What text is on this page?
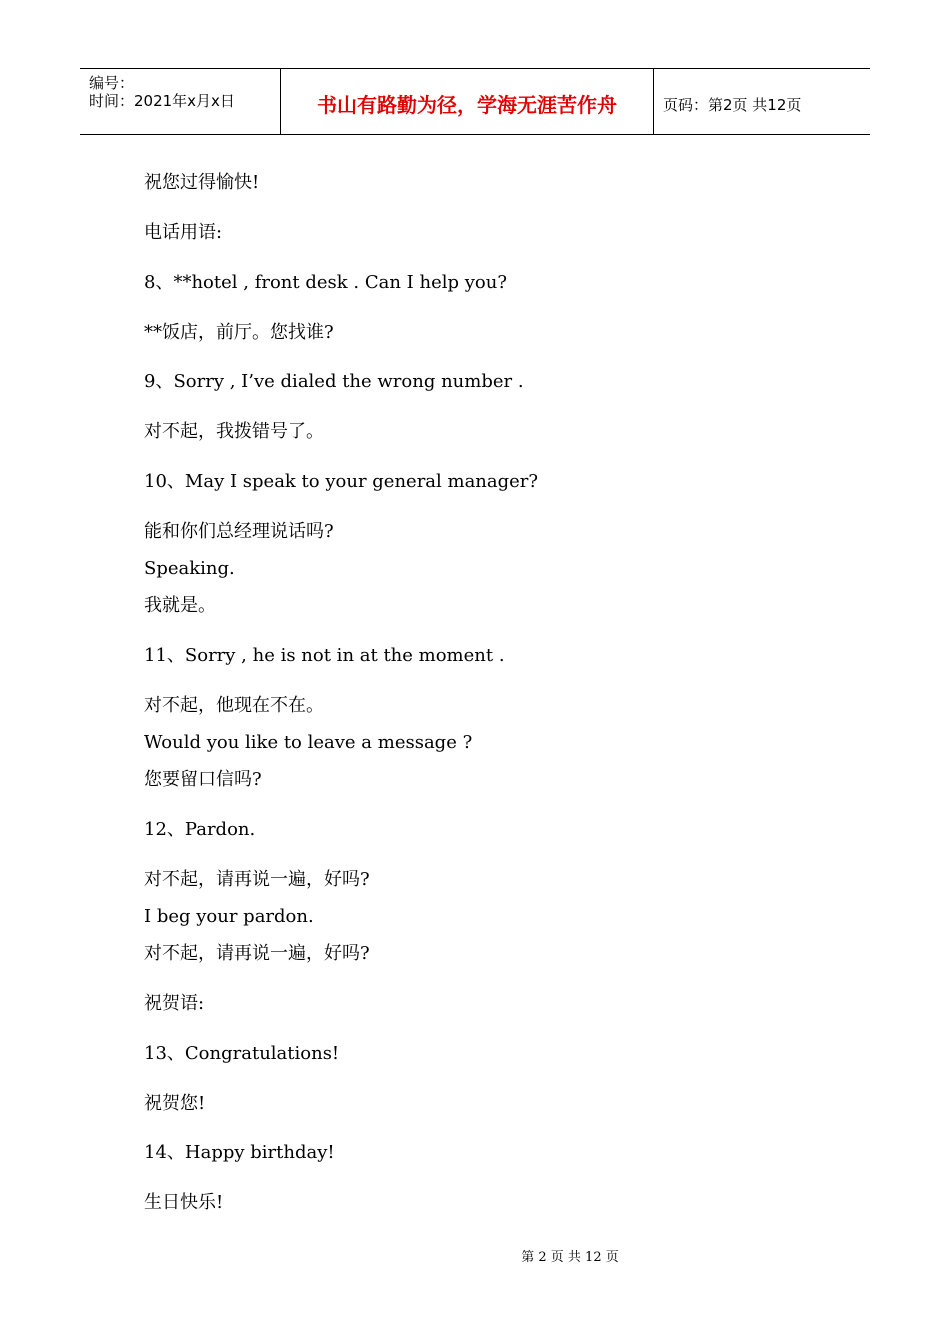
编号：
时间：2021年x月x日	书山有路勤为径，学海无涯苦作舟	页码：第2页 共12页
祝您过得愉快!
电话用语:
8、**hotel , front desk . Can I help you?
**饭店，前厅。您找谁?
9、Sorry , I’ve dialed the wrong number .
对不起，我拨错号了。
10、May I speak to your general manager?
能和你们总经理说话吗?
Speaking.
我就是。
11、Sorry , he is not in at the moment .
对不起，他现在不在。
Would you like to leave a message ?
您要留口信吗?
12、Pardon.
对不起，请再说一遍，好吗?
I beg your pardon.
对不起，请再说一遍，好吗?
祝贺语:
13、Congratulations!
祝贺您!
14、Happy birthday!
生日快乐!
第 2 页 共 12 页
